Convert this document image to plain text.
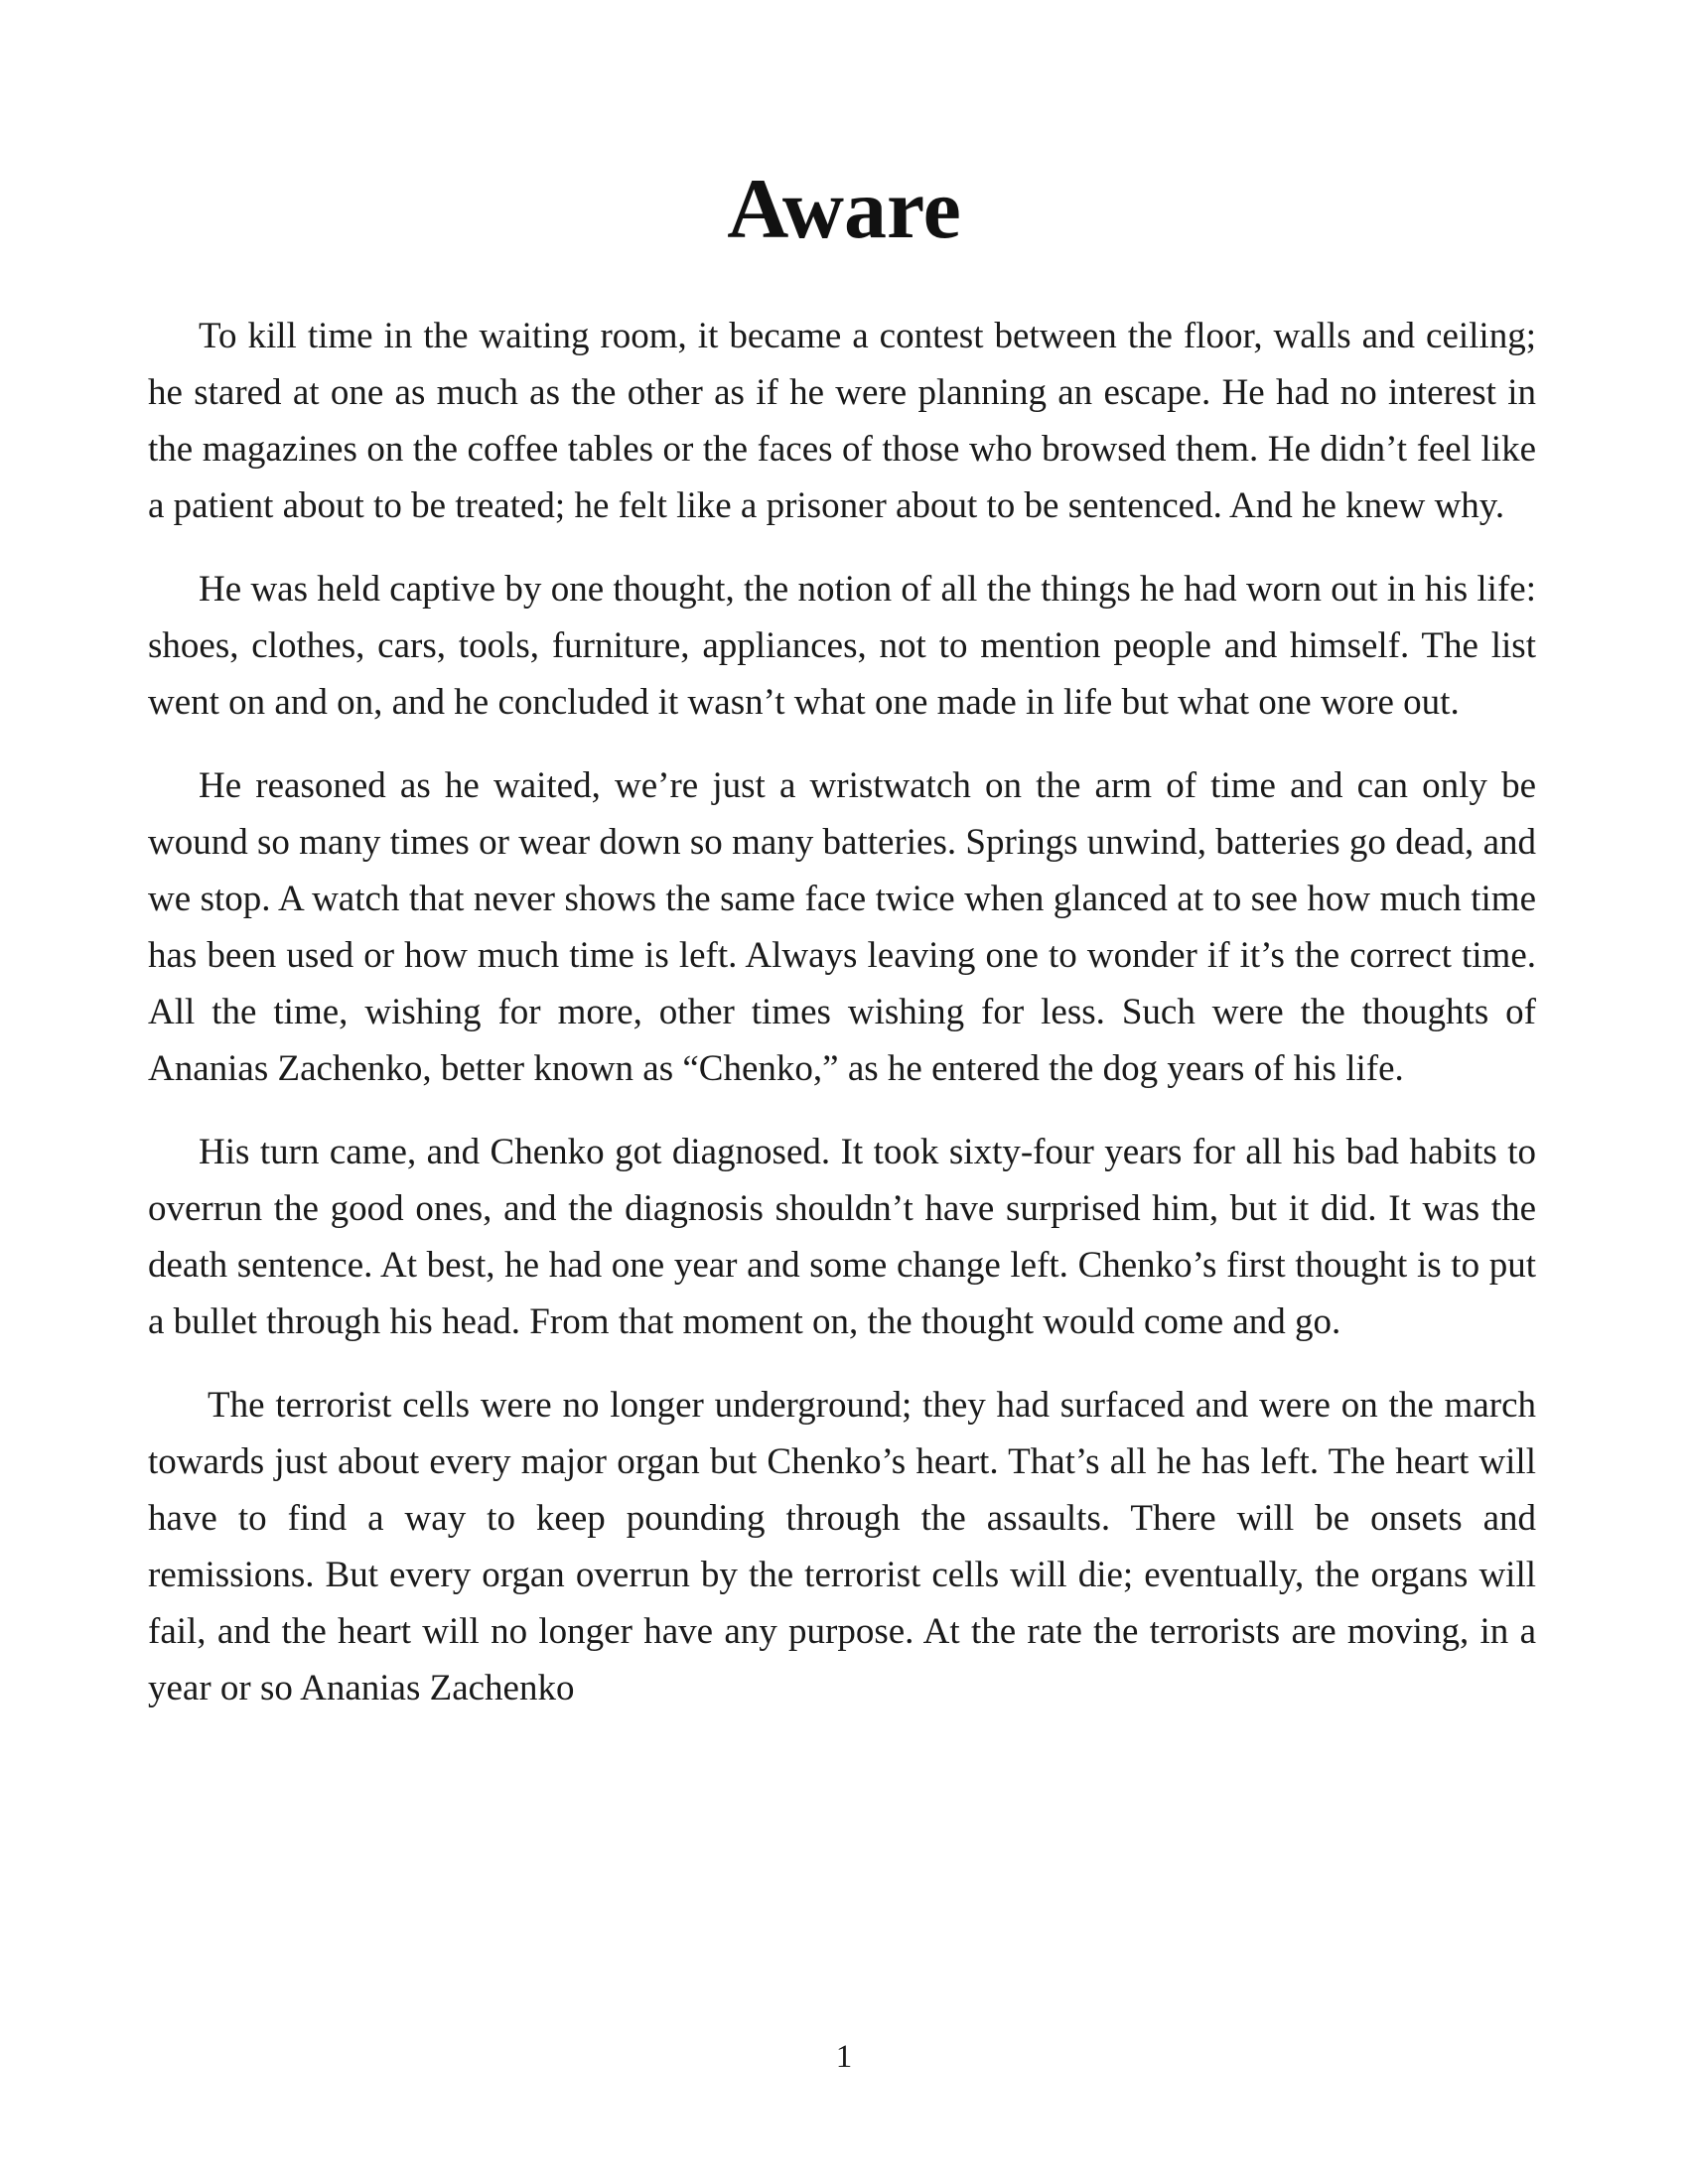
Aware

To kill time in the waiting room, it became a contest between the floor, walls and ceiling; he stared at one as much as the other as if he were planning an escape. He had no interest in the magazines on the coffee tables or the faces of those who browsed them. He didn’t feel like a patient about to be treated; he felt like a prisoner about to be sentenced. And he knew why.

He was held captive by one thought, the notion of all the things he had worn out in his life: shoes, clothes, cars, tools, furniture, appliances, not to mention people and himself. The list went on and on, and he concluded it wasn’t what one made in life but what one wore out.

He reasoned as he waited, we’re just a wristwatch on the arm of time and can only be wound so many times or wear down so many batteries. Springs unwind, batteries go dead, and we stop. A watch that never shows the same face twice when glanced at to see how much time has been used or how much time is left. Always leaving one to wonder if it’s the correct time. All the time, wishing for more, other times wishing for less. Such were the thoughts of Ananias Zachenko, better known as “Chenko,” as he entered the dog years of his life.

His turn came, and Chenko got diagnosed. It took sixty-four years for all his bad habits to overrun the good ones, and the diagnosis shouldn’t have surprised him, but it did. It was the death sentence. At best, he had one year and some change left. Chenko’s first thought is to put a bullet through his head. From that moment on, the thought would come and go.

The terrorist cells were no longer underground; they had surfaced and were on the march towards just about every major organ but Chenko’s heart. That’s all he has left. The heart will have to find a way to keep pounding through the assaults. There will be onsets and remissions. But every organ overrun by the terrorist cells will die; eventually, the organs will fail, and the heart will no longer have any purpose. At the rate the terrorists are moving, in a year or so Ananias Zachenko

1
